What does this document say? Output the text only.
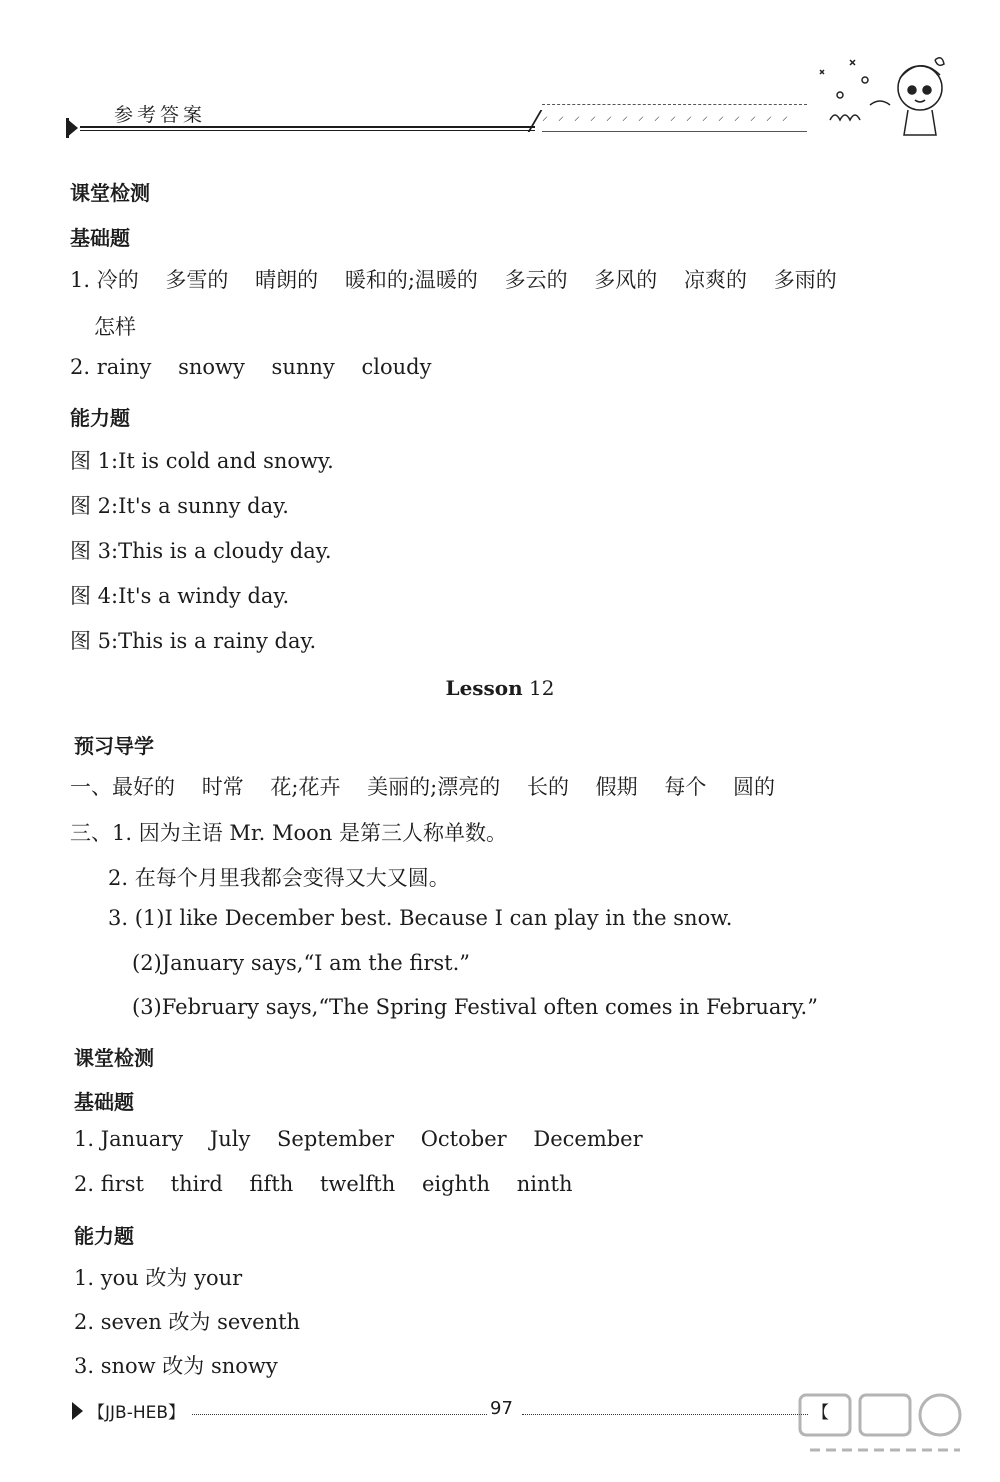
参考答案	⸝ ⸝ ⸝ ⸝ ⸝ ⸝ ⸝ ⸝ ⸝ ⸝ ⸝ ⸝ ⸝ ⸝ ⸝ ⸝
课堂检测
基础题
1. 冷的    多雪的    晴朗的    暖和的;温暖的    多云的    多风的    凉爽的    多雨的
怎样
2. rainy    snowy    sunny    cloudy
能力题
图 1:It is cold and snowy.
图 2:It's a sunny day.
图 3:This is a cloudy day.
图 4:It's a windy day.
图 5:This is a rainy day.
Lesson 12
预习导学
一、最好的    时常    花;花卉    美丽的;漂亮的    长的    假期    每个    圆的
三、1. 因为主语 Mr. Moon 是第三人称单数。
2. 在每个月里我都会变得又大又圆。
3. (1)I like December best. Because I can play in the snow.
(2)January says,“I am the first.”
(3)February says,“The Spring Festival often comes in February.”
课堂检测
基础题
1. January    July    September    October    December
2. first    third    fifth    twelfth    eighth    ninth
能力题
1. you 改为 your
2. seven 改为 seventh
3. snow 改为 snowy
【JJB-HEB】	97	【
